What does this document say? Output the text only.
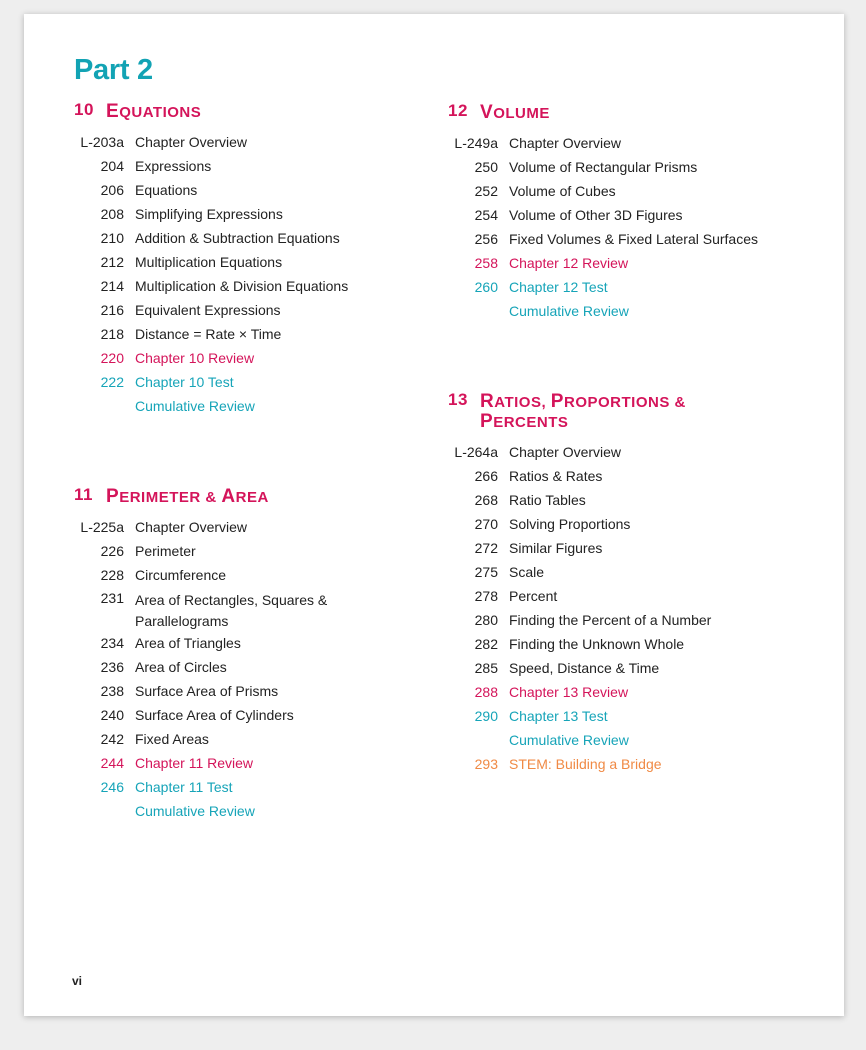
Part 2
10 EQUATIONS
L-203a Chapter Overview
204 Expressions
206 Equations
208 Simplifying Expressions
210 Addition & Subtraction Equations
212 Multiplication Equations
214 Multiplication & Division Equations
216 Equivalent Expressions
218 Distance = Rate × Time
220 Chapter 10 Review
222 Chapter 10 Test
Cumulative Review
11 PERIMETER & AREA
L-225a Chapter Overview
226 Perimeter
228 Circumference
231 Area of Rectangles, Squares & Parallelograms
234 Area of Triangles
236 Area of Circles
238 Surface Area of Prisms
240 Surface Area of Cylinders
242 Fixed Areas
244 Chapter 11 Review
246 Chapter 11 Test
Cumulative Review
12 VOLUME
L-249a Chapter Overview
250 Volume of Rectangular Prisms
252 Volume of Cubes
254 Volume of Other 3D Figures
256 Fixed Volumes & Fixed Lateral Surfaces
258 Chapter 12 Review
260 Chapter 12 Test
Cumulative Review
13 RATIOS, PROPORTIONS & PERCENTS
L-264a Chapter Overview
266 Ratios & Rates
268 Ratio Tables
270 Solving Proportions
272 Similar Figures
275 Scale
278 Percent
280 Finding the Percent of a Number
282 Finding the Unknown Whole
285 Speed, Distance & Time
288 Chapter 13 Review
290 Chapter 13 Test
Cumulative Review
293 STEM: Building a Bridge
vi
